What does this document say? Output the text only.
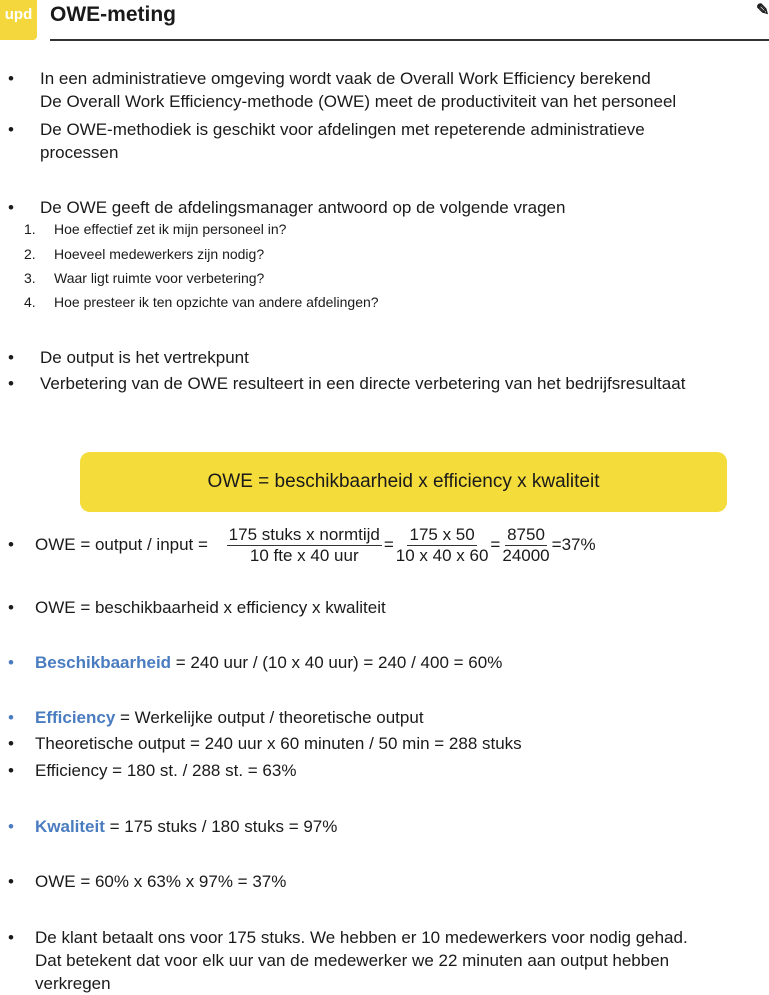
upd OWE-meting	✎
• In een administratieve omgeving wordt vaak de Overall Work Efficiency berekend
De Overall Work Efficiency-methode (OWE) meet de productiviteit van het personeel
• De OWE-methodiek is geschikt voor afdelingen met repeterende administratieve
processen
• De OWE geeft de afdelingsmanager antwoord op de volgende vragen
1. Hoe effectief zet ik mijn personeel in?
2. Hoeveel medewerkers zijn nodig?
3. Waar ligt ruimte voor verbetering?
4. Hoe presteer ik ten opzichte van andere afdelingen?
• De output is het vertrekpunt
• Verbetering van de OWE resulteert in een directe verbetering van het bedrijfsresultaat
OWE = beschikbaarheid x efficiency x kwaliteit
• OWE = output / input = $\frac{\text{175 stuks x normtijd}}{\text{10 fte x 40 uur}} = \frac{175 x 50}{10 x 40 x 60} = \frac{8750}{24000} =37\%$
• OWE = beschikbaarheid x efficiency x kwaliteit
• Beschikbaarheid = 240 uur / (10 x 40 uur) = 240 / 400 = 60%
• Efficiency = Werkelijke output / theoretische output
• Theoretische output = 240 uur x 60 minuten / 50 min = 288 stuks
• Efficiency = 180 st. / 288 st. = 63%
• Kwaliteit = 175 stuks / 180 stuks = 97%
• OWE = 60% x 63% x 97% = 37%
• De klant betaalt ons voor 175 stuks. We hebben er 10 medewerkers voor nodig gehad.
Dat betekent dat voor elk uur van de medewerker we 22 minuten aan output hebben
verkregen
